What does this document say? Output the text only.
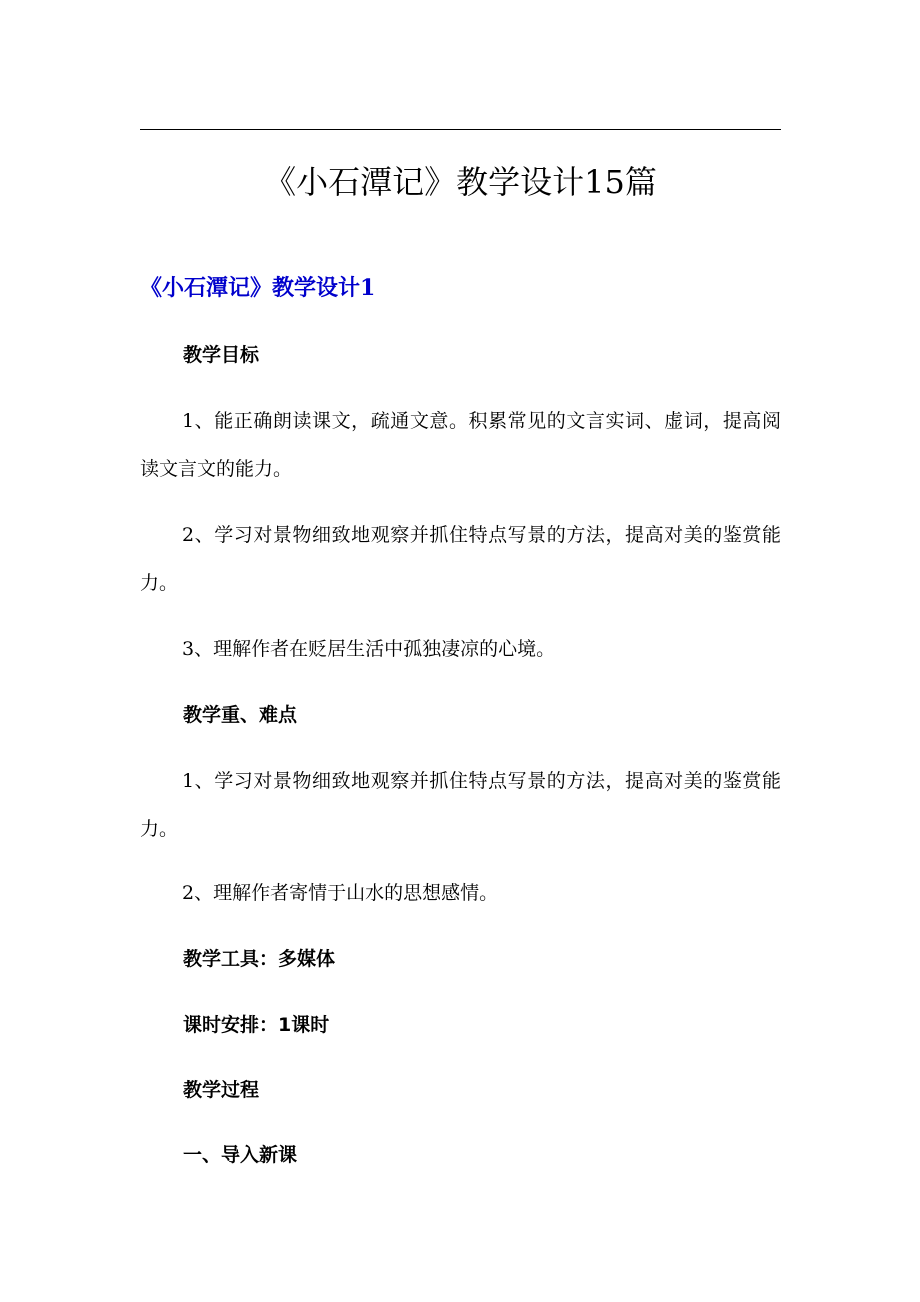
《小石潭记》教学设计15篇
《小石潭记》教学设计1
教学目标

1、能正确朗读课文，疏通文意。积累常见的文言实词、虚词，提高阅读文言文的能力。

2、学习对景物细致地观察并抓住特点写景的方法，提高对美的鉴赏能力。

3、理解作者在贬居生活中孤独凄凉的心境。

教学重、难点

1、学习对景物细致地观察并抓住特点写景的方法，提高对美的鉴赏能力。

2、理解作者寄情于山水的思想感情。

教学工具：多媒体
课时安排：1课时
教学过程
一、导入新课
